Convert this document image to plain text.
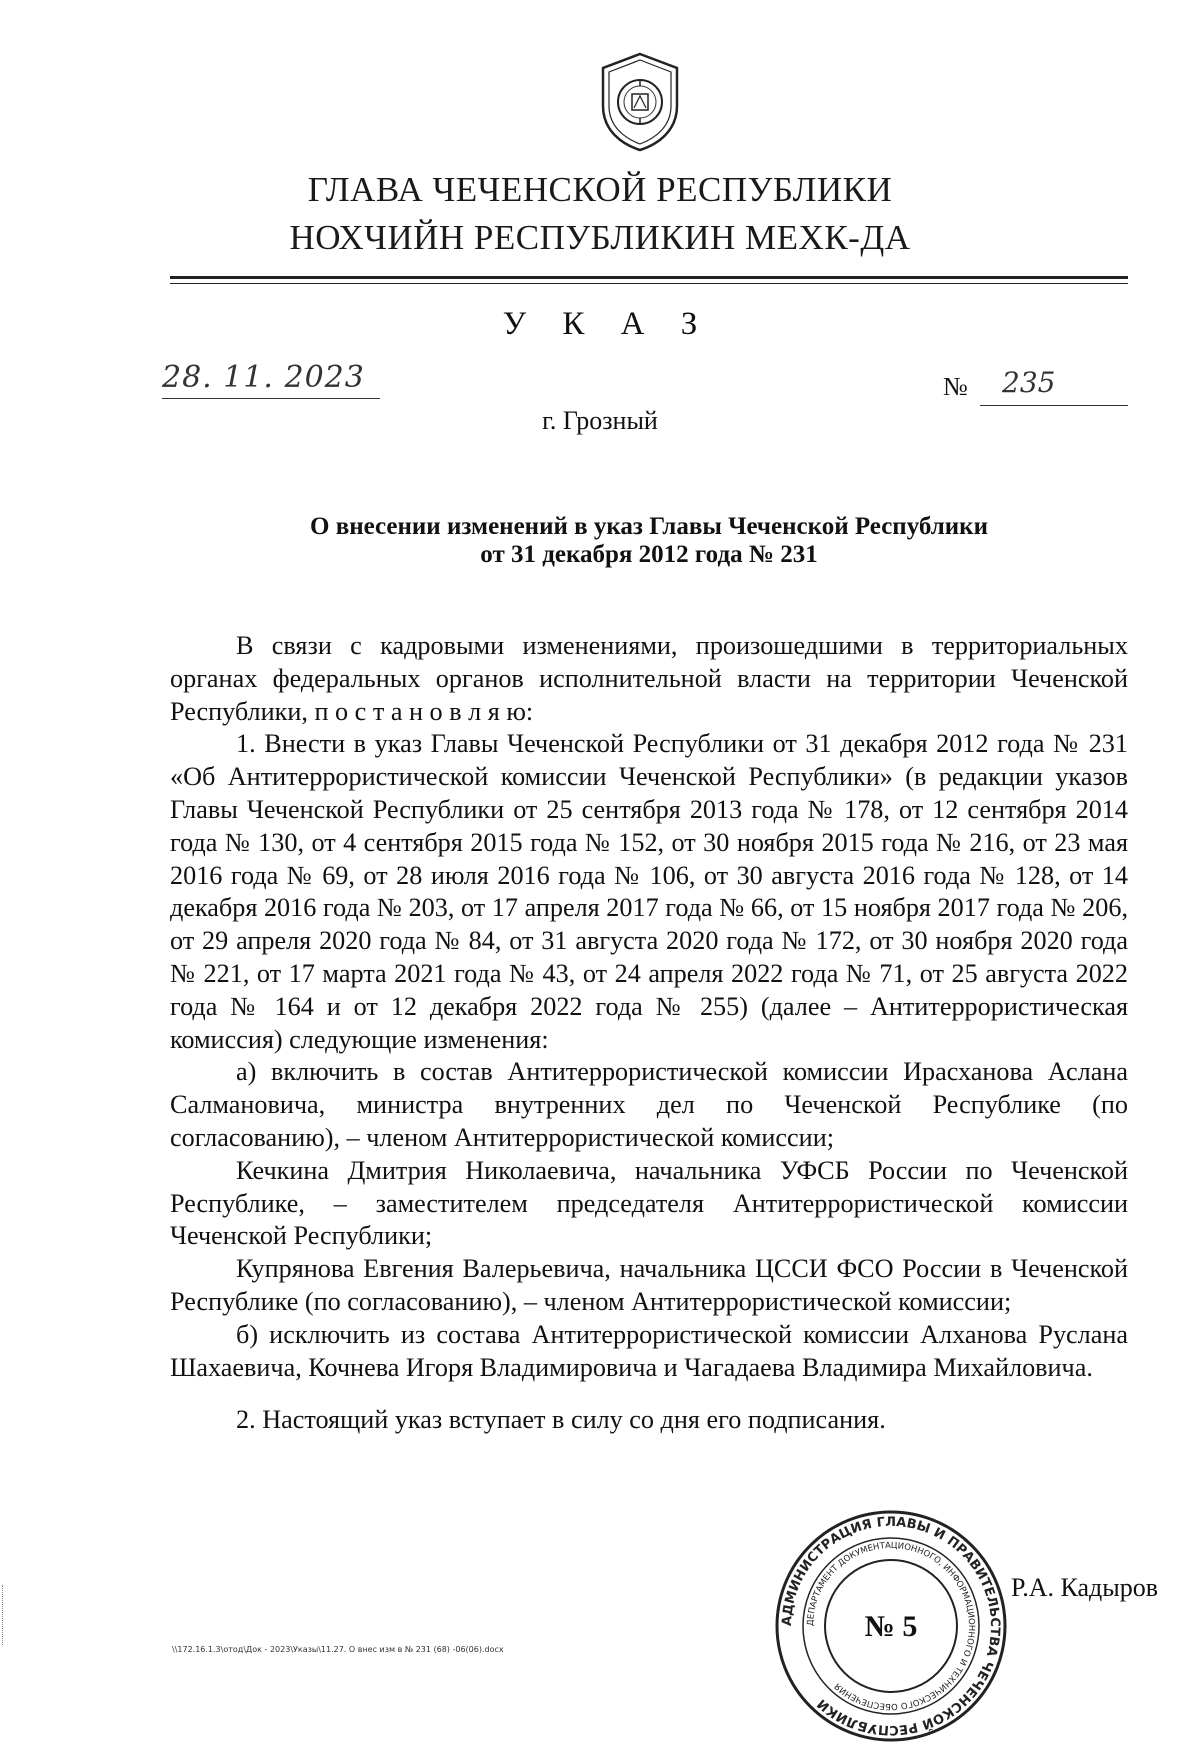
ГЛАВА ЧЕЧЕНСКОЙ РЕСПУБЛИКИ
НОХЧИЙН РЕСПУБЛИКИН МЕХК-ДА
У К А З
28. 11. 2023	№	235
г. Грозный
О внесении изменений в указ Главы Чеченской Республики
от 31 декабря 2012 года № 231

В связи с кадровыми изменениями, произошедшими в территориальных органах федеральных органов исполнительной власти на территории Чеченской Республики, п о с т а н о в л я ю:

1. Внести в указ Главы Чеченской Республики от 31 декабря 2012 года № 231 «Об Антитеррористической комиссии Чеченской Республики» (в редакции указов Главы Чеченской Республики от 25 сентября 2013 года № 178, от 12 сентября 2014 года № 130, от 4 сентября 2015 года № 152, от 30 ноября 2015 года № 216, от 23 мая 2016 года № 69, от 28 июля 2016 года № 106, от 30 августа 2016 года № 128, от 14 декабря 2016 года № 203, от 17 апреля 2017 года № 66, от 15 ноября 2017 года № 206, от 29 апреля 2020 года № 84, от 31 августа 2020 года № 172, от 30 ноября 2020 года № 221, от 17 марта 2021 года № 43, от 24 апреля 2022 года № 71, от 25 августа 2022 года № 164 и от 12 декабря 2022 года № 255) (далее – Антитеррористическая комиссия) следующие изменения:

а) включить в состав Антитеррористической комиссии Ирасханова Аслана Салмановича, министра внутренних дел по Чеченской Республике (по согласованию), – членом Антитеррористической комиссии;

Кечкина Дмитрия Николаевича, начальника УФСБ России по Чеченской Республике, – заместителем председателя Антитеррористической комиссии Чеченской Республики;

Купрянова Евгения Валерьевича, начальника ЦССИ ФСО России в Чеченской Республике (по согласованию), – членом Антитеррористической комиссии;

б) исключить из состава Антитеррористической комиссии Алханова Руслана Шахаевича, Кочнева Игоря Владимировича и Чагадаева Владимира Михайловича.

2. Настоящий указ вступает в силу со дня его подписания.

Р.А. Кадыров
АДМИНИСТРАЦИЯ ГЛАВЫ И ПРАВИТЕЛЬСТВА ЧЕЧЕНСКОЙ РЕСПУБЛИКИ
ДЕПАРТАМЕНТ ДОКУМЕНТАЦИОННОГО, ИНФОРМАЦИОННОГО И ТЕХНИЧЕСКОГО ОБЕСПЕЧЕНИЯ
№ 5
\\172.16.1.3\отод\Док - 2023\Указы\11.27. О внес изм в № 231 (68) -06(06).docx
